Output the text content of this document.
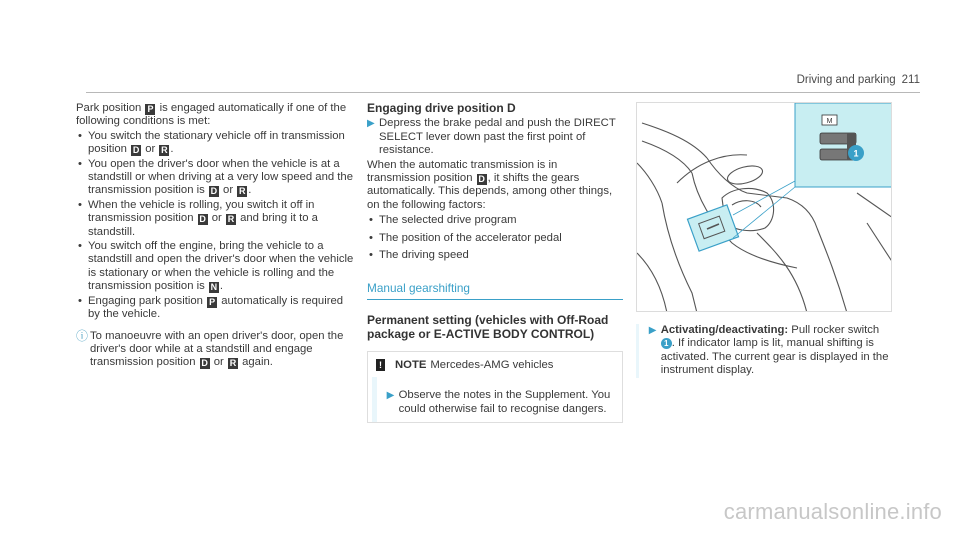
Driving and parking 211

Park position P is engaged automatically if one of the following conditions is met:

• You switch the stationary vehicle off in transmission position D or R .
• You open the driver's door when the vehicle is at a standstill or when driving at a very low speed and the transmission position is D or R .
• When the vehicle is rolling, you switch it off in transmission position D or R and bring it to a standstill.
• You switch off the engine, bring the vehicle to a standstill and open the driver's door when the vehicle is stationary or when the vehicle is rolling and the transmission position is N .
• Engaging park position P automatically is required by the vehicle.
ⓘ To manoeuvre with an open driver's door, open the driver's door while at a standstill and engage transmission position D or R again.
Engaging drive position D
▶ Depress the brake pedal and push the DIRECT SELECT lever down past the first point of resistance.

When the automatic transmission is in transmission position D , it shifts the gears automatically. This depends, among other things, on the following factors:

• The selected drive program
• The position of the accelerator pedal
• The driving speed
Manual gearshifting
Permanent setting (vehicles with Off-Road package or E-ACTIVE BODY CONTROL)
! NOTE Mercedes-AMG vehicles
▶ Observe the notes in the Supplement. You could otherwise fail to recognise dangers.
M
1
▶ Activating/deactivating: Pull rocker switch 1 . If indicator lamp is lit, manual shifting is activated. The current gear is displayed in the instrument display.
carmanualsonline.info
